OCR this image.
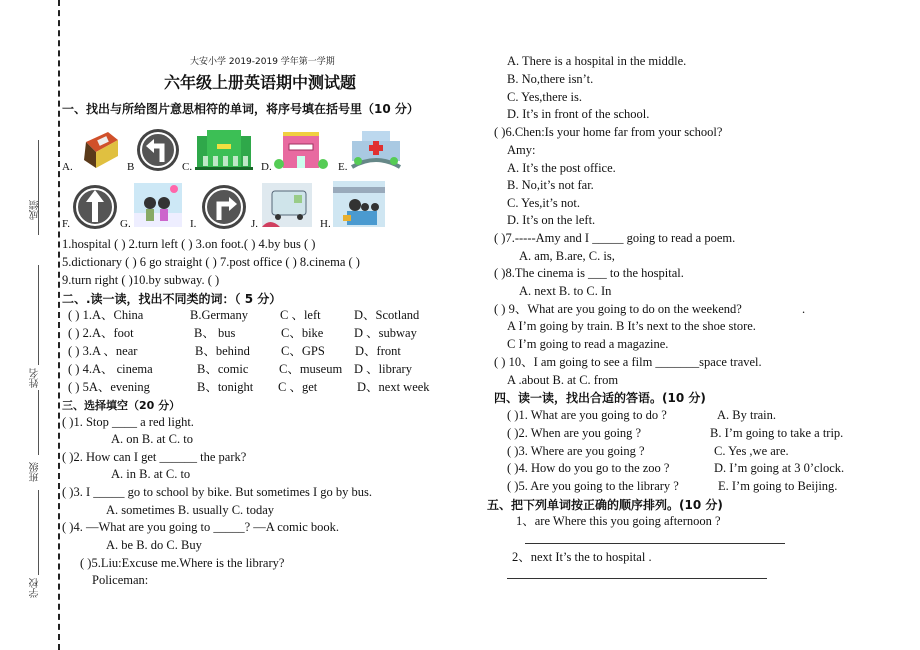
成绩
姓名
班级
学校
大安小学 2019-2019 学年第一学期
六年级上册英语期中测试题
一、找出与所给图片意思相符的单词，将序号填在括号里（10 分）
A.	B	C.	D.	E.
F.	G.	I.	J.	H.
1.hospital ( ) 2.turn left ( ) 3.on foot.( ) 4.by bus ( )
5.dictionary ( ) 6 go straight ( ) 7.post office ( ) 8.cinema ( )
9.turn right ( )10.by subway. ( )
二、.读一读，找出不同类的词：（ 5 分）
( ) 1.A、China	B.Germany	C 、left	D、Scotland
( ) 2.A、foot	B、 bus	C、bike D 、subway
( ) 3.A 、near	B、behind C、GPS D、front
( ) 4.A、 cinema	B、comic C、museum D 、library
( ) 5A、evening	B、tonight C 、get	D、next week
三、选择填空（20 分）
( )1. Stop ____ a red light.
A. on B. at C. to
( )2. How can I get ______ the park?
A. in B. at C. to
( )3. I _____ go to school by bike. But sometimes I go by bus.
A. sometimes B. usually C. today
( )4. —What are you going to _____? —A comic book.
A. be B. do C. Buy
( )5.Liu:Excuse me.Where is the library?
Policeman:
A. There is a hospital in the middle.
B. No,there isn’t.
C. Yes,there is.
D. It’s in front of the school.
( )6.Chen:Is your home far from your school?
Amy:
A. It’s the post office.
B. No,it’s not far.
C. Yes,it’s not.
D. It’s on the left.
( )7.-----Amy and I _____ going to read a poem.
A. am, B.are, C. is,
( )8.The cinema is ___ to the hospital.
A. next B. to C. In
( ) 9、What are you going to do on the weekend?	.
A I’m going by train. B It’s next to the shoe store.
C I’m going to read a magazine.
( ) 10、I am going to see a film _______space travel.
A .about B. at C. from
四、读一读，找出合适的答语。(10 分)
( )1. What are you going to do ?	A. By train.
( )2. When are you going ?	B. I’m going to take a trip.
( )3. Where are you going ?	C. Yes ,we are.
( )4. How do you go to the zoo ?	D. I’m going at 3 0’clock.
( )5. Are you going to the library ?	E. I’m going to Beijing.
五、把下列单词按正确的顺序排列。(10 分)
1、are Where this you going afternoon ?
2、next It’s the to hospital .
